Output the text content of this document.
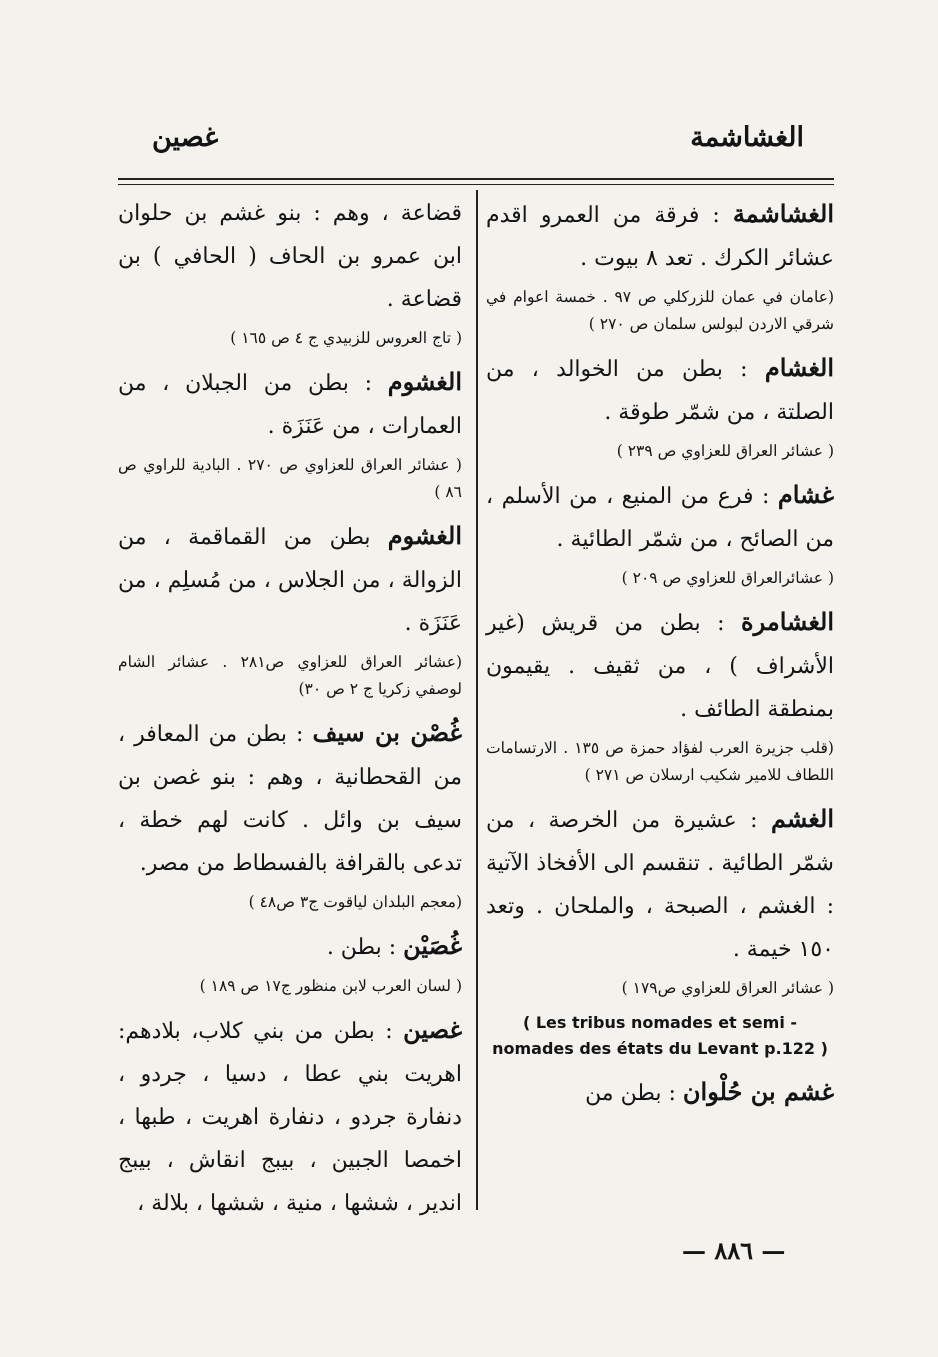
الغشاشمة
غصين

الغشاشمة : فرقة من العمرو اقدم عشائر الكرك . تعد ٨ بيوت .

(عامان في عمان للزركلي ص ٩٧ . خمسة اعوام في شرقي الاردن لبولس سلمان ص ٢٧٠ )

الغشام : بطن من الخوالد ، من الصلتة ، من شمّر طوقة .

( عشائر العراق للعزاوي ص ٢٣٩ )

غشام : فرع من المنيع ، من الأسلم ، من الصائح ، من شمّر الطائية .

( عشائرالعراق للعزاوي ص ٢٠٩ )

الغشامرة : بطن من قريش (غير الأشراف ) ، من ثقيف . يقيمون بمنطقة الطائف .

(قلب جزيرة العرب لفؤاد حمزة ص ١٣٥ . الارتسامات اللطاف للامير شكيب ارسلان ص ٢٧١ )

الغشم : عشيرة من الخرصة ، من شمّر الطائية . تنقسم الى الأفخاذ الآتية : الغشم ، الصبحة ، والملحان . وتعد ١٥٠ خيمة .

( عشائر العراق للعزاوي ص١٧٩ )

( Les tribus nomades et semi - nomades des états du Levant p.122 )

غشم بن حُلْوان : بطن من

قضاعة ، وهم : بنو غشم بن حلوان ابن عمرو بن الحاف ( الحافي ) بن قضاعة .

( تاج العروس للزبيدي ج ٤ ص ١٦٥ )

الغشوم : بطن من الجبلان ، من العمارات ، من عَنَزَة .

( عشائر العراق للعزاوي ص ٢٧٠ . البادية للراوي ص ٨٦ )

الغشوم بطن من القماقمة ، من الزوالة ، من الجلاس ، من مُسلِم ، من عَنَزَة .

(عشائر العراق للعزاوي ص٢٨١ . عشائر الشام لوصفي زكريا ج ٢ ص ٣٠)

غُصْن بن سيف : بطن من المعافر ، من القحطانية ، وهم : بنو غصن بن سيف بن وائل . كانت لهم خطة ، تدعى بالقرافة بالفسطاط من مصر.

(معجم البلدان لياقوت ج٣ ص٤٨ )

غُصَيْن : بطن .

( لسان العرب لابن منظور ج١٧ ص ١٨٩ )

غصين : بطن من بني كلاب، بلادهم: اهريت بني عطا ، دسيا ، جردو ، دنفارة جردو ، دنفارة اهريت ، طبها ، اخمصا الجبين ، بيبج انقاش ، بيبج اندير ، ششها ، منية ، ششها ، بلالة ،

— ٨٨٦ —
